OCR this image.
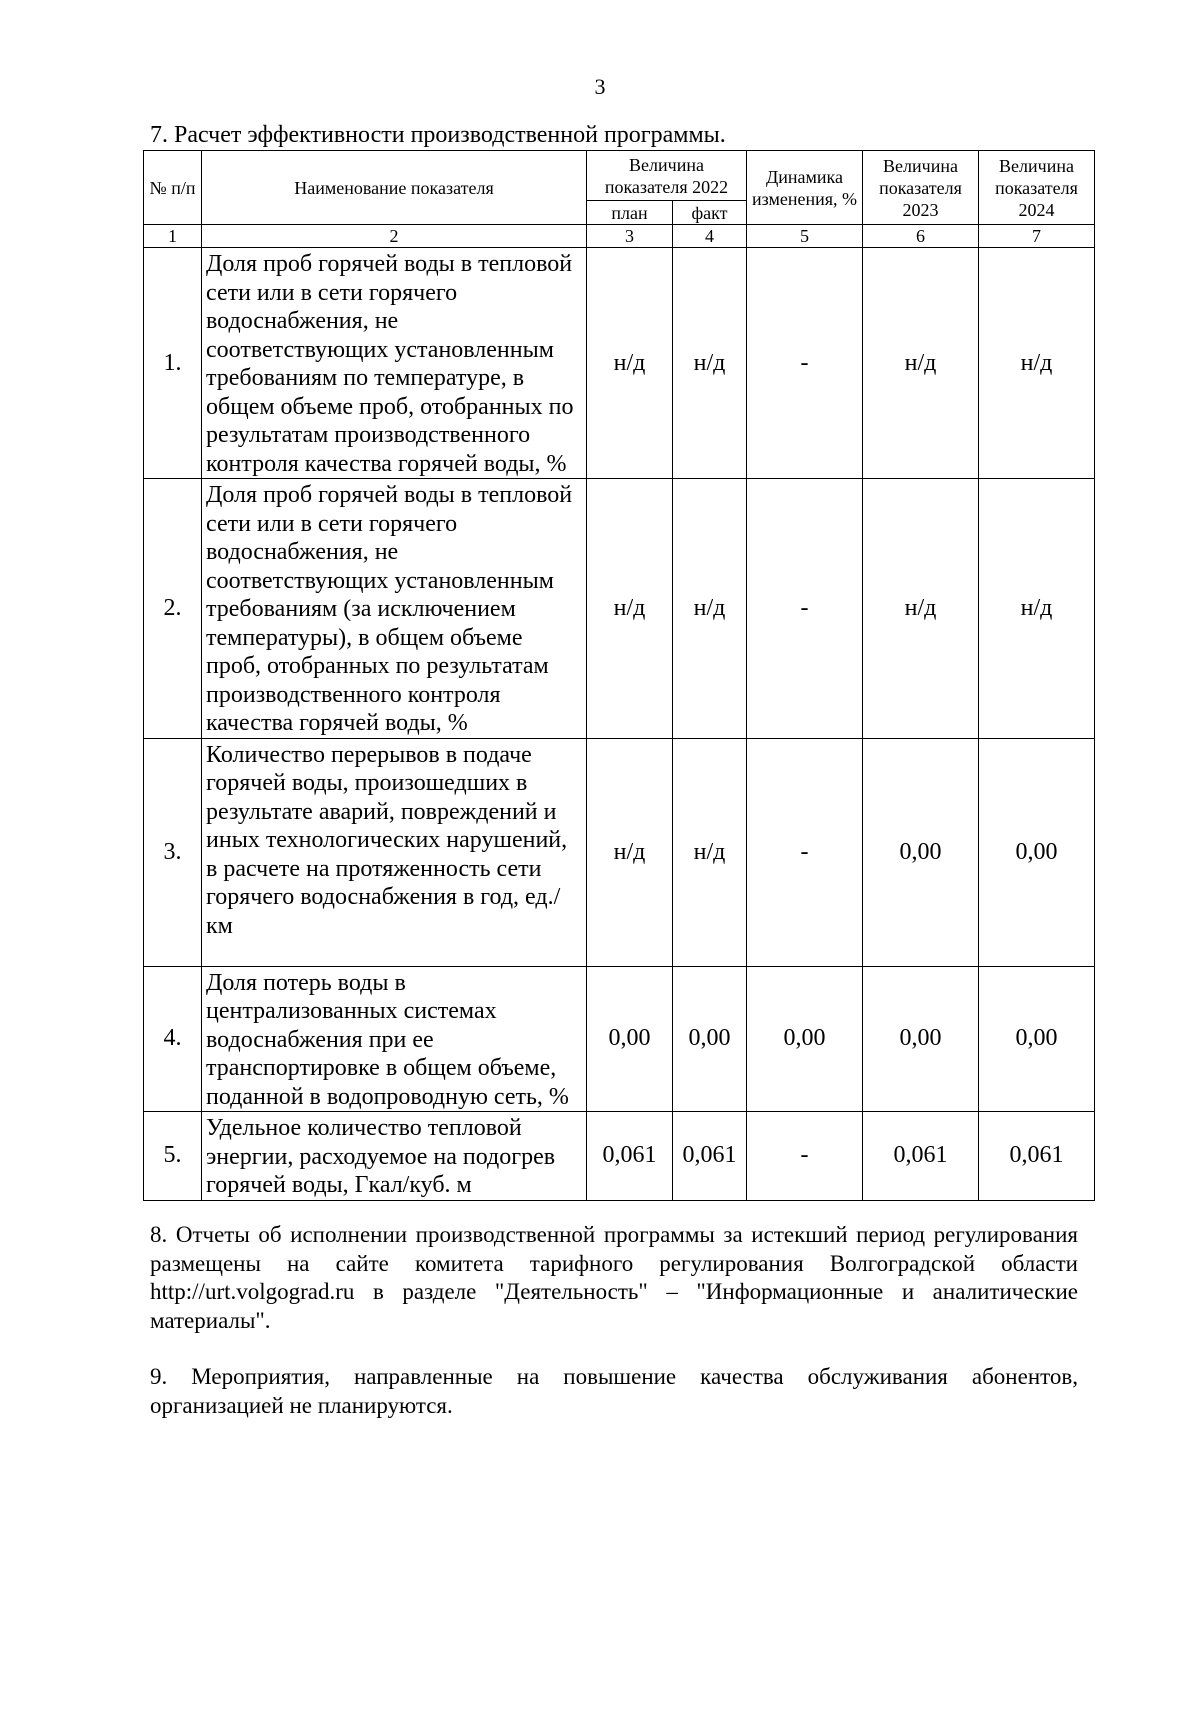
3
7. Расчет эффективности производственной программы.
№ п/п	Наименование показателя	Величина показателя 2022		Динамика изменения, %	Величина показателя 2023	Величина показателя 2024
		план	факт			
1	2	3	4	5	6	7
1.	Доля проб горячей воды в тепловой сети или в сети горячего водоснабжения, не соответствующих установленным требованиям по температуре, в общем объеме проб, отобранных по результатам производственного контроля качества горячей воды, %	н/д	н/д	-	н/д	н/д
2.	Доля проб горячей воды в тепловой сети или в сети горячего водоснабжения, не соответствующих установленным требованиям (за исключением температуры), в общем объеме проб, отобранных по результатам производственного контроля качества горячей воды, %	н/д	н/д	-	н/д	н/д
3.	Количество перерывов в подаче горячей воды, произошедших в результате аварий, повреждений и иных технологических нарушений, в расчете на протяженность сети горячего водоснабжения в год, ед./км	н/д	н/д	-	0,00	0,00
4.	Доля потерь воды в централизованных системах водоснабжения при ее транспортировке в общем объеме, поданной в водопроводную сеть, %	0,00	0,00	0,00	0,00	0,00
5.	Удельное количество тепловой энергии, расходуемое на подогрев горячей воды, Гкал/куб. м	0,061	0,061	-	0,061	0,061
8. Отчеты об исполнении производственной программы за истекший период регулирования размещены на сайте комитета тарифного регулирования Волгоградской области http://urt.volgograd.ru в разделе "Деятельность" – "Информационные и аналитические материалы".
9. Мероприятия, направленные на повышение качества обслуживания абонентов, организацией не планируются.
